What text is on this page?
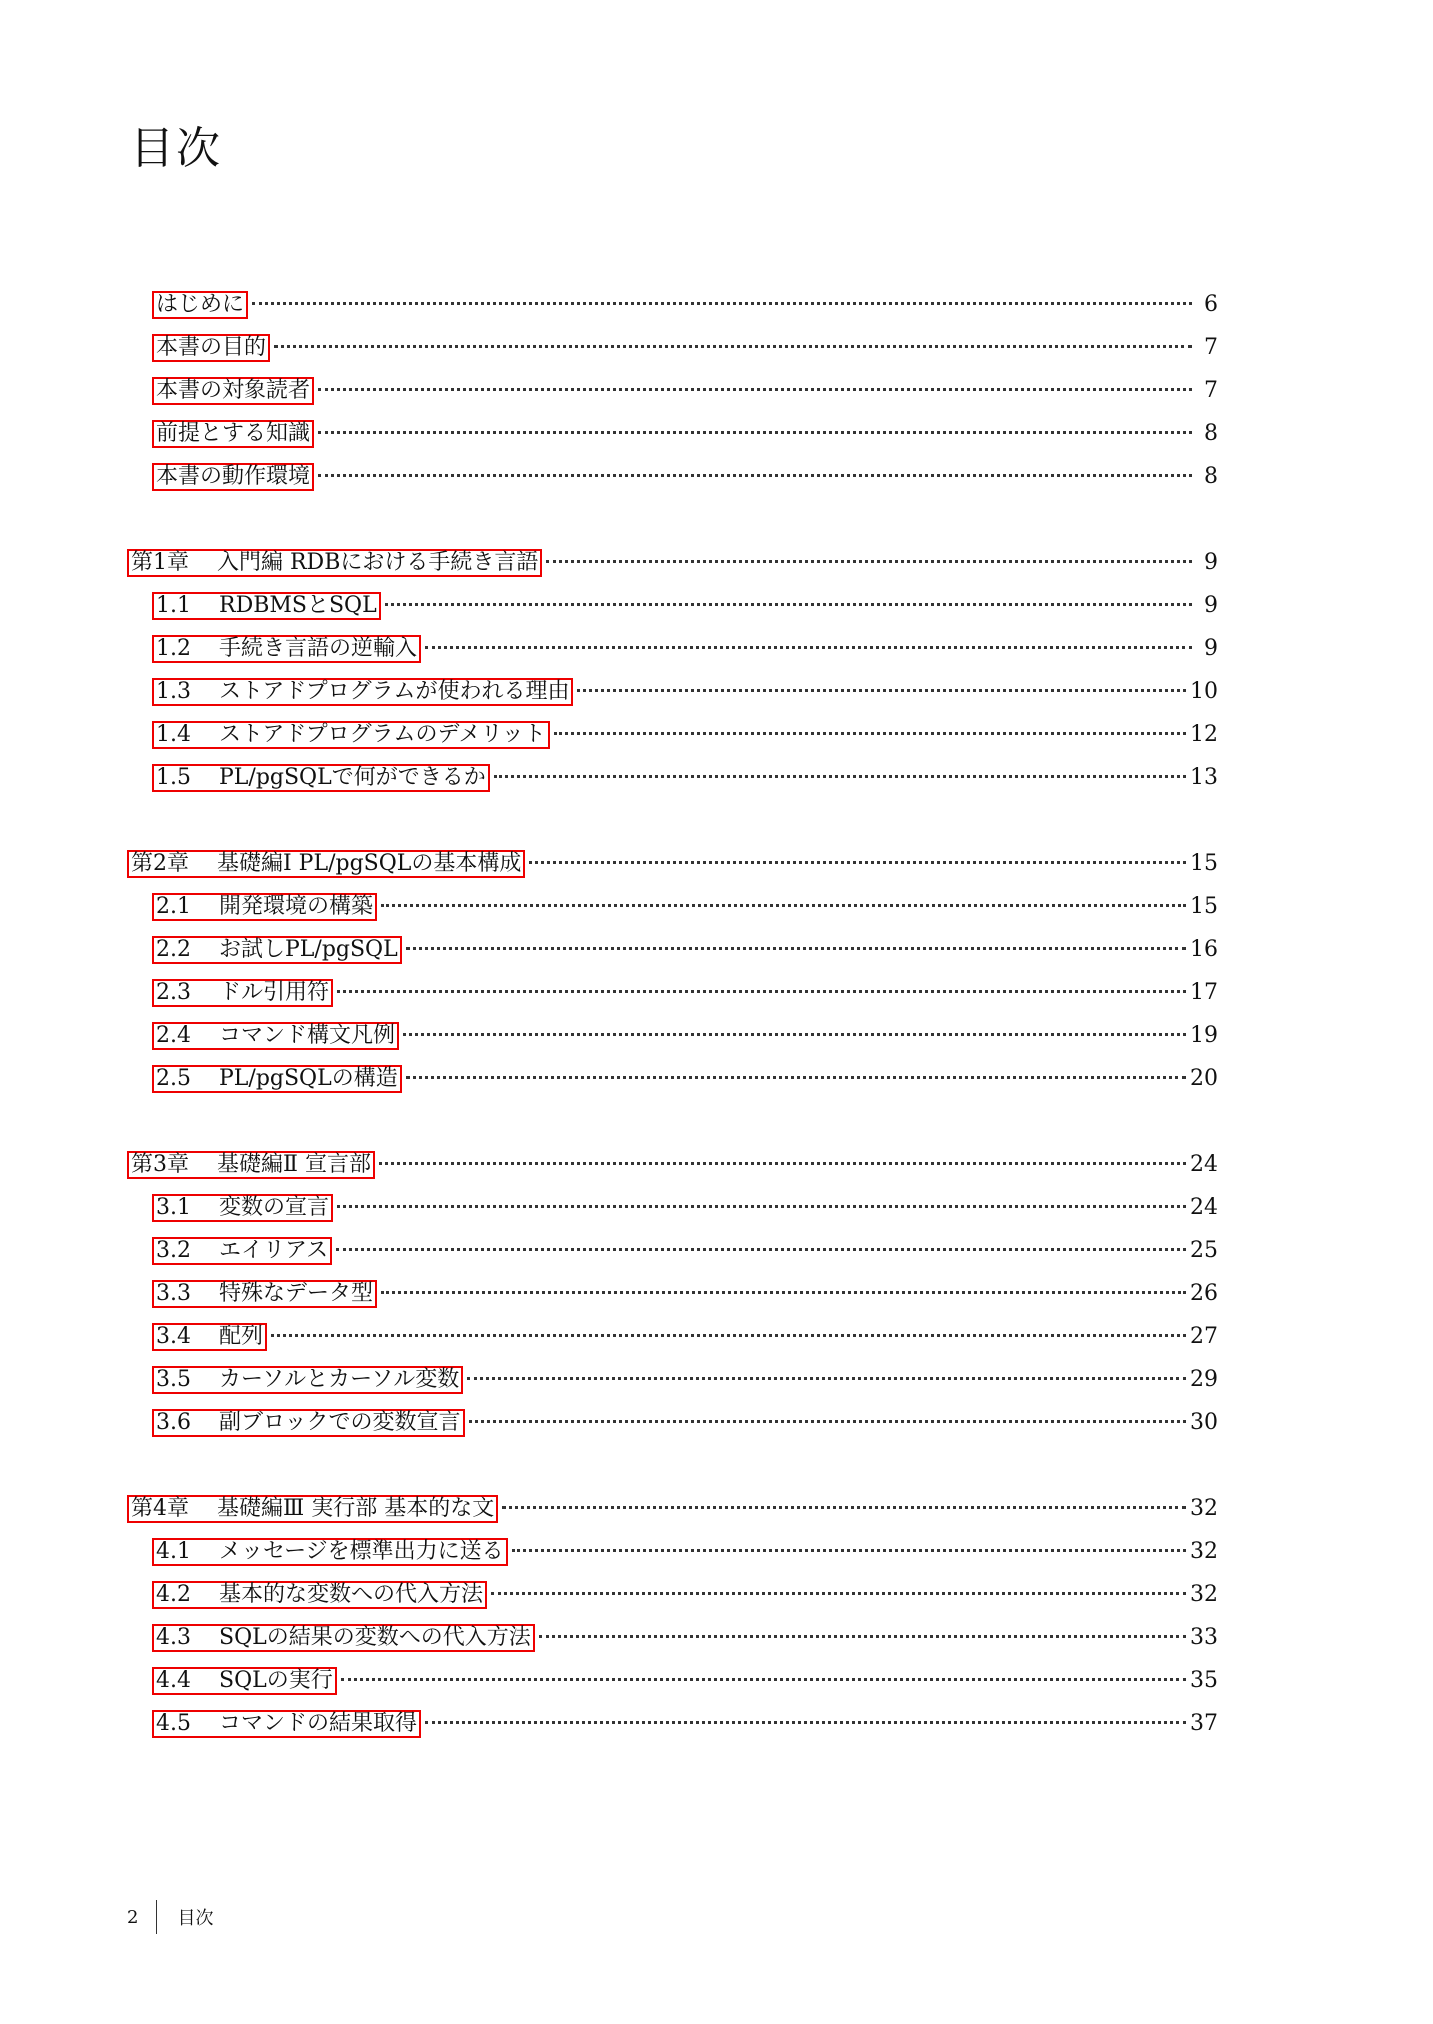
目次
はじめに	6
本書の目的	7
本書の対象読者	7
前提とする知識	8
本書の動作環境	8
第1章 入門編 RDBにおける手続き言語	9
1.1 RDBMSとSQL	9
1.2 手続き言語の逆輸入	9
1.3 ストアドプログラムが使われる理由	10
1.4 ストアドプログラムのデメリット	12
1.5 PL/pgSQLで何ができるか	13
第2章 基礎編Ⅰ PL/pgSQLの基本構成	15
2.1 開発環境の構築	15
2.2 お試しPL/pgSQL	16
2.3 ドル引用符	17
2.4 コマンド構文凡例	19
2.5 PL/pgSQLの構造	20
第3章 基礎編Ⅱ 宣言部	24
3.1 変数の宣言	24
3.2 エイリアス	25
3.3 特殊なデータ型	26
3.4 配列	27
3.5 カーソルとカーソル変数	29
3.6 副ブロックでの変数宣言	30
第4章 基礎編Ⅲ 実行部 基本的な文	32
4.1 メッセージを標準出力に送る	32
4.2 基本的な変数への代入方法	32
4.3 SQLの結果の変数への代入方法	33
4.4 SQLの実行	35
4.5 コマンドの結果取得	37
2 目次
